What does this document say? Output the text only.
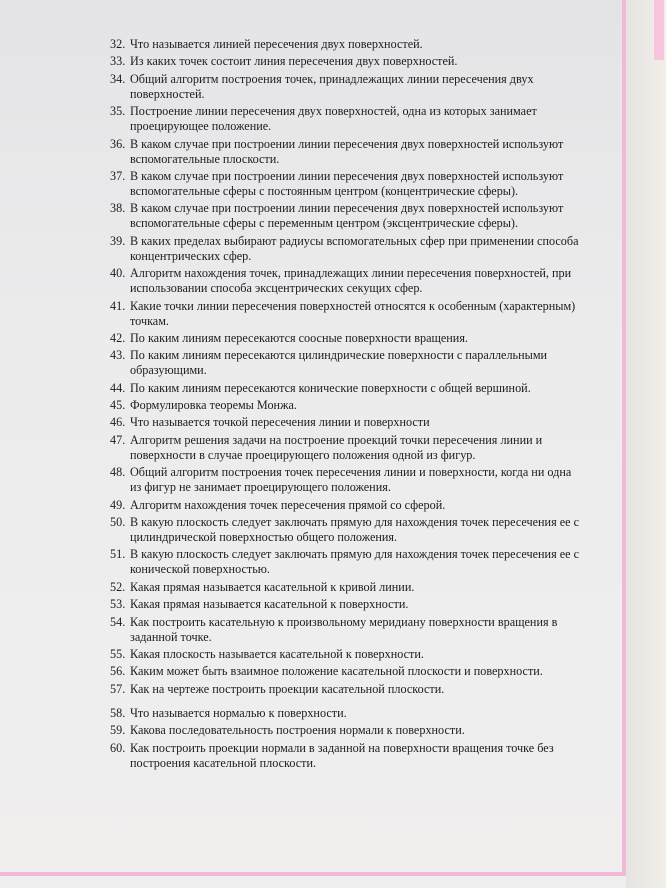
32. Что называется линией пересечения двух поверхностей.
33. Из каких точек состоит линия пересечения двух поверхностей.
34. Общий алгоритм построения точек, принадлежащих линии пересечения двух поверхностей.
35. Построение линии пересечения двух поверхностей, одна из которых занимает проецирующее положение.
36. В каком случае при построении линии пересечения двух поверхностей используют вспомогательные плоскости.
37. В каком случае при построении линии пересечения двух поверхностей используют вспомогательные сферы с постоянным центром (концентрические сферы).
38. В каком случае при построении линии пересечения двух поверхностей используют вспомогательные сферы с переменным центром (эксцентрические сферы).
39. В каких пределах выбирают радиусы вспомогательных сфер при применении способа концентрических сфер.
40. Алгоритм нахождения точек, принадлежащих линии пересечения поверхностей, при использовании способа эксцентрических секущих сфер.
41. Какие точки линии пересечения поверхностей относятся к особенным (характерным) точкам.
42. По каким линиям пересекаются соосные поверхности вращения.
43. По каким линиям пересекаются цилиндрические поверхности с параллельными образующими.
44. По каким линиям пересекаются конические поверхности с общей вершиной.
45. Формулировка теоремы Монжа.
46. Что называется точкой пересечения линии и поверхности
47. Алгоритм решения задачи на построение проекций точки пересечения линии и поверхности в случае проецирующего положения одной из фигур.
48. Общий алгоритм построения точек пересечения линии и поверхности, когда ни одна из фигур не занимает проецирующего положения.
49. Алгоритм нахождения точек пересечения прямой со сферой.
50. В какую плоскость следует заключать прямую для нахождения точек пересечения ее с цилиндрической поверхностью общего положения.
51. В какую плоскость следует заключать прямую для нахождения точек пересечения ее с конической поверхностью.
52. Какая прямая называется касательной к кривой линии.
53. Какая прямая называется касательной к поверхности.
54. Как построить касательную к произвольному меридиану поверхности вращения в заданной точке.
55. Какая плоскость называется касательной к поверхности.
56. Каким может быть взаимное положение касательной плоскости и поверхности.
57. Как на чертеже построить проекции касательной плоскости.
58. Что называется нормалью к поверхности.
59. Какова последовательность построения нормали к поверхности.
60. Как построить проекции нормали в заданной на поверхности вращения точке без построения касательной плоскости.
